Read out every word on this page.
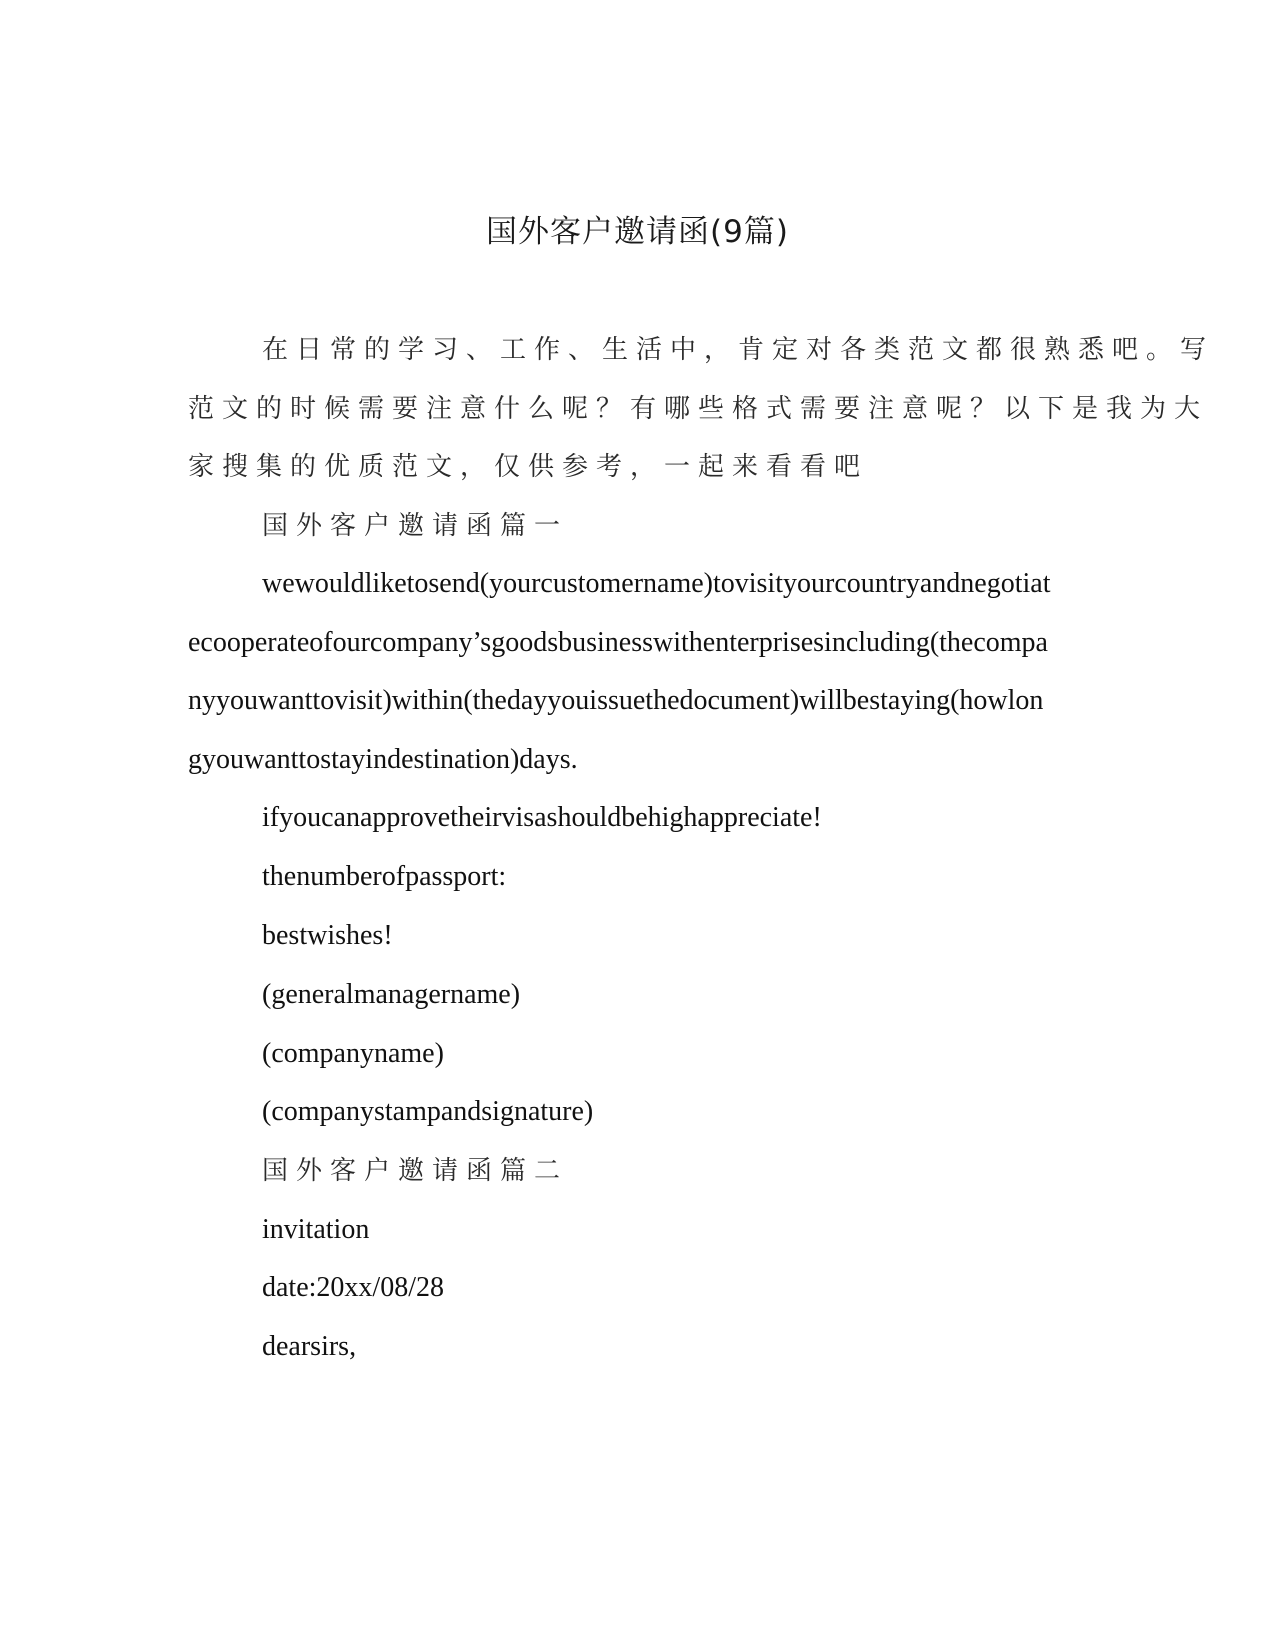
国外客户邀请函(9篇)
在日常的学习、工作、生活中，肯定对各类范文都很熟悉吧。写
范文的时候需要注意什么呢？有哪些格式需要注意呢？以下是我为大
家搜集的优质范文，仅供参考，一起来看看吧
国外客户邀请函篇一
wewouldliketosend(yourcustomername)tovisityourcountryandnegotiat
ecooperateofourcompany’sgoodsbusinesswithenterprisesincluding(thecompa
nyyouwanttovisit)within(thedayyouissuethedocument)willbestaying(howlon
gyouwanttostayindestination)days.
ifyoucanapprovetheirvisashouldbehighappreciate!
thenumberofpassport:
bestwishes!
(generalmanagername)
(companyname)
(companystampandsignature)
国外客户邀请函篇二
invitation
date:20xx/08/28
dearsirs,
